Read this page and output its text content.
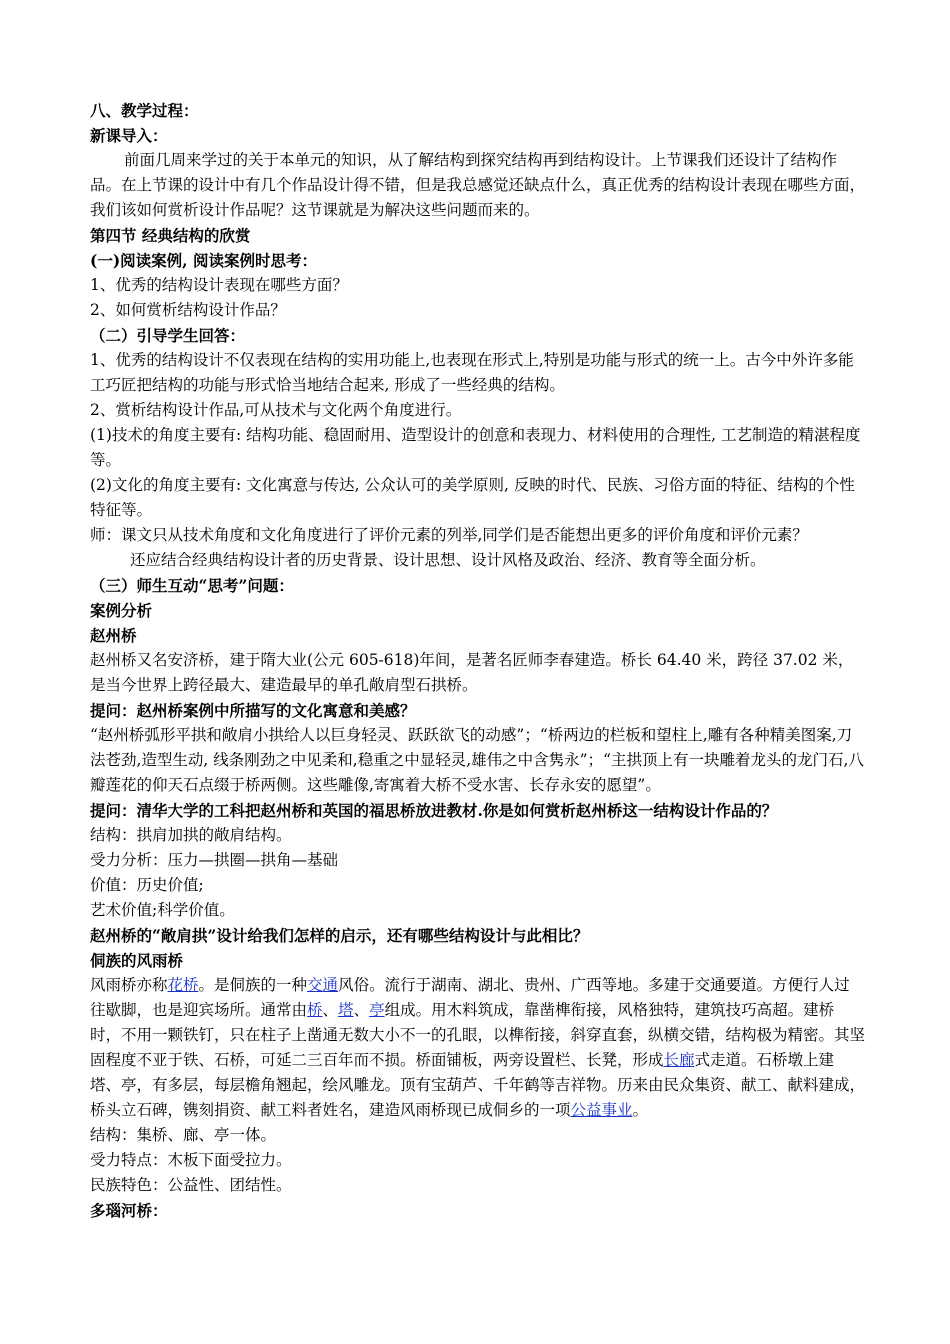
八、教学过程：

新课导入：

前面几周来学过的关于本单元的知识，从了解结构到探究结构再到结构设计。上节课我们还设计了结构作品。在上节课的设计中有几个作品设计得不错，但是我总感觉还缺点什么，真正优秀的结构设计表现在哪些方面，我们该如何赏析设计作品呢？这节课就是为解决这些问题而来的。

第四节 经典结构的欣赏

(一)阅读案例, 阅读案例时思考：

1、优秀的结构设计表现在哪些方面？

2、如何赏析结构设计作品？

（二）引导学生回答：

1、优秀的结构设计不仅表现在结构的实用功能上,也表现在形式上,特别是功能与形式的统一上。古今中外许多能工巧匠把结构的功能与形式恰当地结合起来, 形成了一些经典的结构。

2、赏析结构设计作品,可从技术与文化两个角度进行。

(1)技术的角度主要有: 结构功能、稳固耐用、造型设计的创意和表现力、材料使用的合理性, 工艺制造的精湛程度等。

(2)文化的角度主要有: 文化寓意与传达, 公众认可的美学原则, 反映的时代、民族、习俗方面的特征、结构的个性特征等。

师：课文只从技术角度和文化角度进行了评价元素的列举,同学们是否能想出更多的评价角度和评价元素？

还应结合经典结构设计者的历史背景、设计思想、设计风格及政治、经济、教育等全面分析。

（三）师生互动“思考”问题：

案例分析

赵州桥

赵州桥又名安济桥，建于隋大业(公元 605-618)年间，是著名匠师李春建造。桥长 64.40 米，跨径 37.02 米， 是当今世界上跨径最大、建造最早的单孔敞肩型石拱桥。

提问：赵州桥案例中所描写的文化寓意和美感？

“赵州桥弧形平拱和敞肩小拱给人以巨身轻灵、跃跃欲飞的动感”；“桥两边的栏板和望柱上,雕有各种精美图案,刀法苍劲,造型生动, 线条刚劲之中见柔和,稳重之中显轻灵,雄伟之中含隽永”；“主拱顶上有一块雕着龙头的龙门石,八瓣莲花的仰天石点缀于桥两侧。这些雕像,寄寓着大桥不受水害、长存永安的愿望”。

提问：清华大学的工科把赵州桥和英国的福思桥放进教材.你是如何赏析赵州桥这一结构设计作品的？

结构：拱肩加拱的敞肩结构。

受力分析：压力—拱圈—拱角—基础

价值：历史价值;

艺术价值;科学价值。

赵州桥的“敞肩拱”设计给我们怎样的启示，还有哪些结构设计与此相比？

侗族的风雨桥

风雨桥亦称花桥。是侗族的一种交通风俗。流行于湖南、湖北、贵州、广西等地。多建于交通要道。方便行人过往歇脚，也是迎宾场所。通常由桥、塔、亭组成。用木料筑成，靠凿榫衔接，风格独特，建筑技巧高超。建桥时，不用一颗铁钉，只在柱子上凿通无数大小不一的孔眼，以榫衔接，斜穿直套，纵横交错，结构极为精密。其坚固程度不亚于铁、石桥，可延二三百年而不损。桥面铺板，两旁设置栏、长凳，形成长廊式走道。石桥墩上建塔、亭，有多层，每层檐角翘起，绘风雕龙。顶有宝葫芦、千年鹤等吉祥物。历来由民众集资、献工、献料建成，桥头立石碑，镌刻捐资、献工料者姓名，建造风雨桥现已成侗乡的一项公益事业。

结构：集桥、廊、亭一体。

受力特点：木板下面受拉力。

民族特色：公益性、团结性。

多瑙河桥：
